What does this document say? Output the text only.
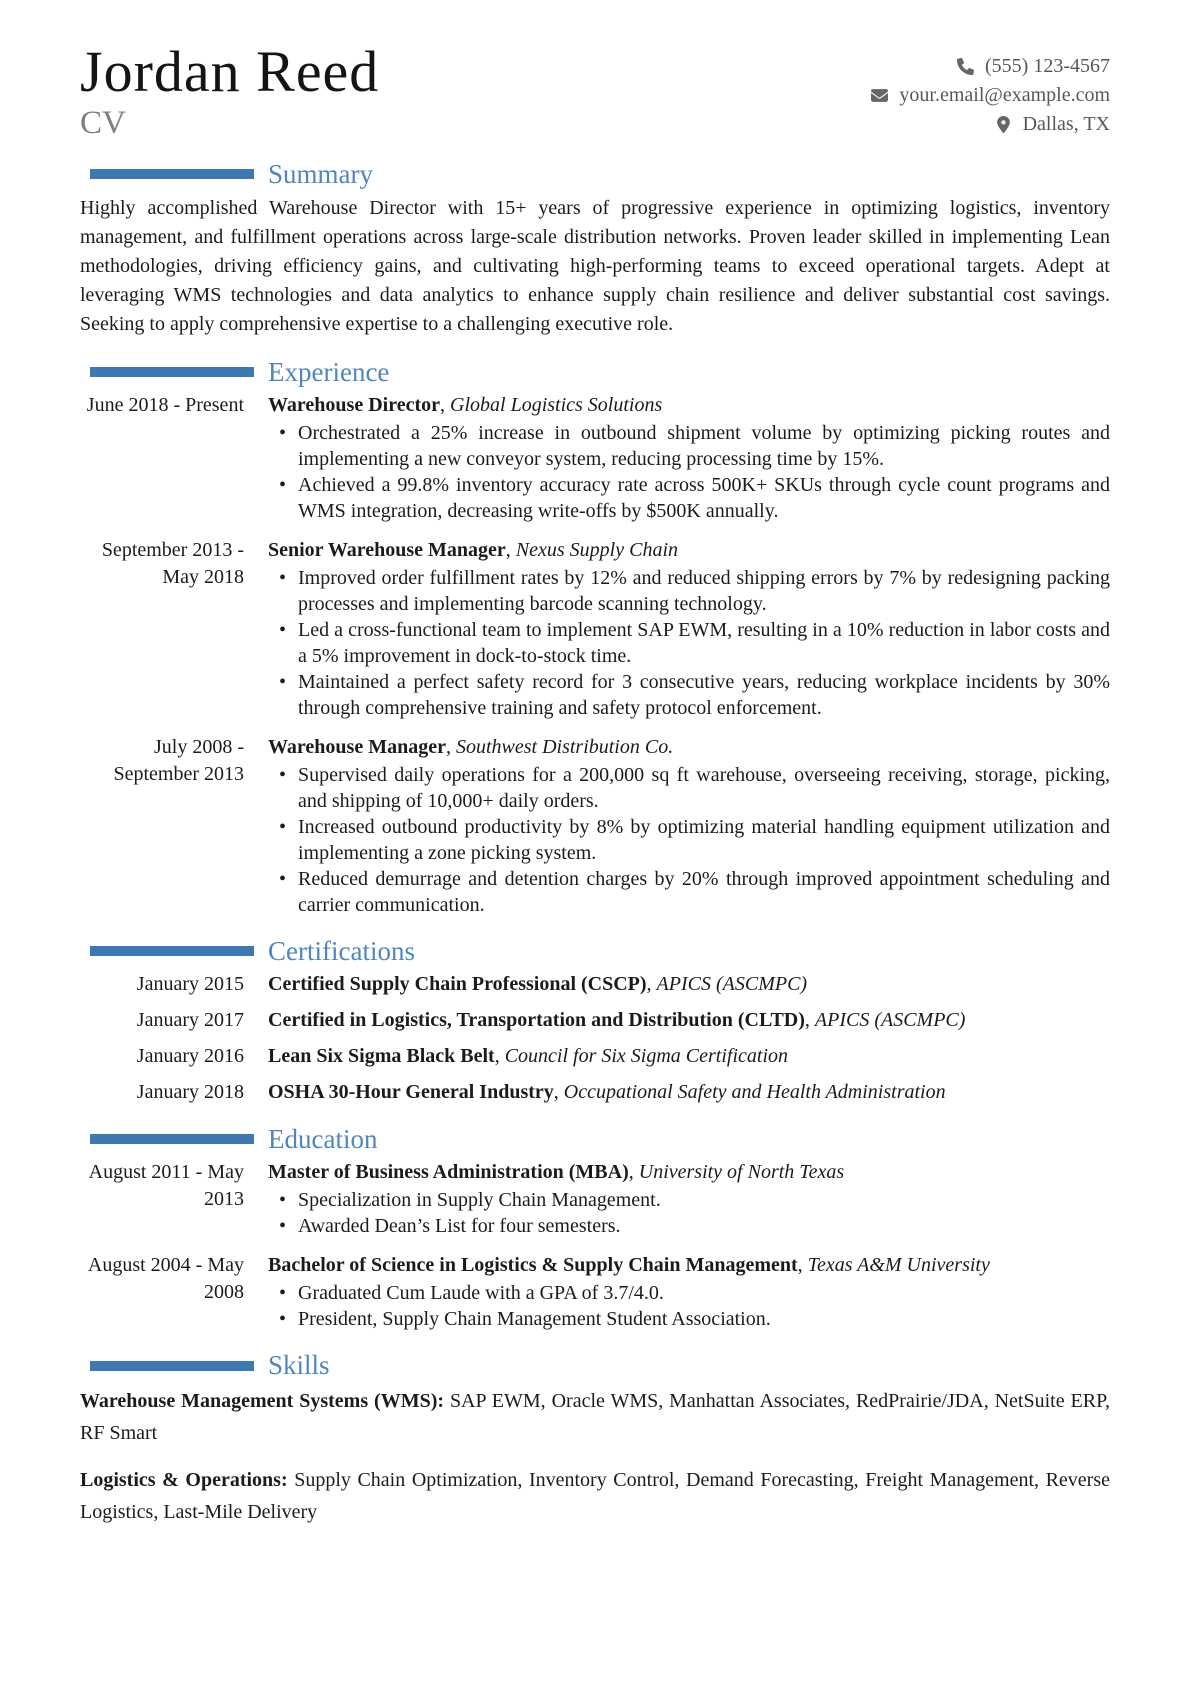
Jordan Reed
CV
(555) 123-4567
your.email@example.com
Dallas, TX
Summary

Highly accomplished Warehouse Director with 15+ years of progressive experience in optimizing logistics, inventory management, and fulfillment operations across large-scale distribution networks. Proven leader skilled in implementing Lean methodologies, driving efficiency gains, and cultivating high-performing teams to exceed operational targets. Adept at leveraging WMS technologies and data analytics to enhance supply chain resilience and deliver substantial cost savings. Seeking to apply comprehensive expertise to a challenging executive role.

Experience
June 2018 - Present Warehouse Director, Global Logistics Solutions
• Orchestrated a 25% increase in outbound shipment volume by optimizing picking routes and implementing a new conveyor system, reducing processing time by 15%.
• Achieved a 99.8% inventory accuracy rate across 500K+ SKUs through cycle count programs and WMS integration, decreasing write-offs by $500K annually.
September 2013 - May 2018
Senior Warehouse Manager, Nexus Supply Chain
• Improved order fulfillment rates by 12% and reduced shipping errors by 7% by redesigning packing processes and implementing barcode scanning technology.
• Led a cross-functional team to implement SAP EWM, resulting in a 10% reduction in labor costs and a 5% improvement in dock-to-stock time.
• Maintained a perfect safety record for 3 consecutive years, reducing workplace incidents by 30% through comprehensive training and safety protocol enforcement.
July 2008 - September 2013
Warehouse Manager, Southwest Distribution Co.
• Supervised daily operations for a 200,000 sq ft warehouse, overseeing receiving, storage, picking, and shipping of 10,000+ daily orders.
• Increased outbound productivity by 8% by optimizing material handling equipment utilization and implementing a zone picking system.
• Reduced demurrage and detention charges by 20% through improved appointment scheduling and carrier communication.
Certifications
January 2015 Certified Supply Chain Professional (CSCP), APICS (ASCMPC)
January 2017 Certified in Logistics, Transportation and Distribution (CLTD), APICS (ASCMPC)
January 2016 Lean Six Sigma Black Belt, Council for Six Sigma Certification
January 2018 OSHA 30-Hour General Industry, Occupational Safety and Health Administration
Education
August 2011 - May 2013
Master of Business Administration (MBA), University of North Texas
• Specialization in Supply Chain Management.
• Awarded Dean’s List for four semesters.
August 2004 - May 2008
Bachelor of Science in Logistics & Supply Chain Management, Texas A&M University
• Graduated Cum Laude with a GPA of 3.7/4.0.
• President, Supply Chain Management Student Association.
Skills

Warehouse Management Systems (WMS): SAP EWM, Oracle WMS, Manhattan Associates, RedPrairie/JDA, NetSuite ERP, RF Smart

Logistics & Operations: Supply Chain Optimization, Inventory Control, Demand Forecasting, Freight Management, Reverse Logistics, Last-Mile Delivery
